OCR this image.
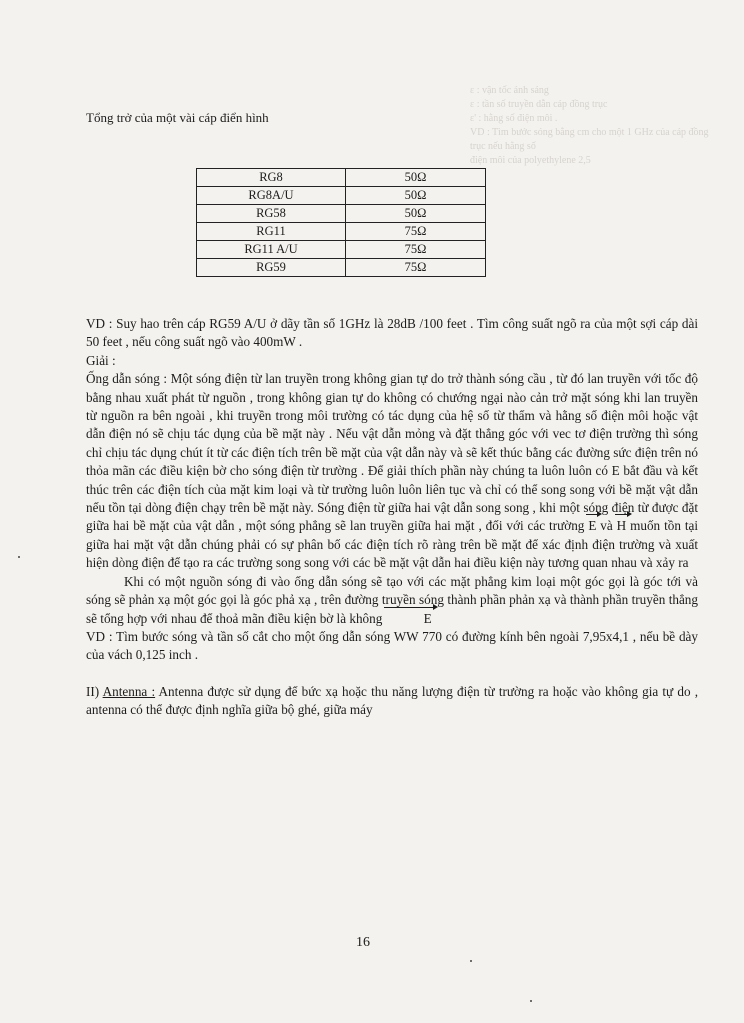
ε : vận tốc ánh sáng
ε : tần số truyền dẫn cáp đồng trục
ε' : hằng số điện môi .
VD : Tìm bước sóng bằng cm cho một 1 GHz của cáp đồng trục nếu hằng số
điện môi của polyethylene 2,5
Tổng trở của một vài cáp điển hình
RG8	50Ω
RG8A/U	50Ω
RG58	50Ω
RG11	75Ω
RG11 A/U	75Ω
RG59	75Ω

VD : Suy hao trên cáp RG59 A/U ở dãy tần số 1GHz là 28dB /100 feet . Tìm công suất ngõ ra của một sợi cáp dài 50 feet , nếu công suất ngõ vào 400mW .

Giải :

Ống dẫn sóng : Một sóng điện từ lan truyền trong không gian tự do trở thành sóng cầu , từ đó lan truyền với tốc độ bằng nhau xuất phát từ nguồn , trong không gian tự do không có chướng ngại nào cản trở mặt sóng khi lan truyền từ nguồn ra bên ngoài , khi truyền trong môi trường có tác dụng của hệ số từ thẩm và hằng số điện môi hoặc vật dẫn điện nó sẽ chịu tác dụng của bề mặt này . Nếu vật dẫn mỏng và đặt thẳng góc với vec tơ điện trường thì sóng chỉ chịu tác dụng chút ít từ các điện tích trên bề mặt của vật dẫn này và sẽ kết thúc bằng các đường sức điện trên nó thỏa mãn các điều kiện bờ cho sóng điện từ trường . Để giải thích phần này chúng ta luôn luôn có E bắt đầu và kết thúc trên các điện tích của mặt kim loại và từ trường luôn luôn liên tục và chỉ có thể song song với bề mặt vật dẫn nếu tồn tại dòng điện chạy trên bề mặt này. Sóng điện từ giữa hai vật dẫn song song , khi một sóng điện từ được đặt giữa hai bề mặt của vật dẫn , một sóng phẳng sẽ lan truyền giữa hai mặt , đối với các trường E và H muốn tồn tại giữa hai mặt vật dẫn chúng phải có sự phân bố các điện tích rõ ràng trên bề mặt để xác định điện trường và xuất hiện dòng điện để tạo ra các trường song song với các bề mặt vật dẫn hai điều kiện này tương quan nhau và xảy ra

Khi có một nguồn sóng đi vào ống dẫn sóng sẽ tạo với các mặt phẳng kim loại một góc gọi là góc tới và sóng sẽ phản xạ một góc gọi là góc phả xạ , trên đường truyền sóng thành phần phản xạ và thành phần truyền thẳng sẽ tổng hợp với nhau để thoả mãn điều kiện bờ là không	E

VD : Tìm bước sóng và tần số cắt cho một ống dẫn sóng WW 770 có đường kính bên ngoài 7,95x4,1 , nếu bề dày của vách 0,125 inch .

II) Antenna : Antenna được sử dụng để bức xạ hoặc thu năng lượng điện từ trường ra hoặc vào không gia tự do , antenna có thể được định nghĩa giữa bộ ghé, giữa máy

16
